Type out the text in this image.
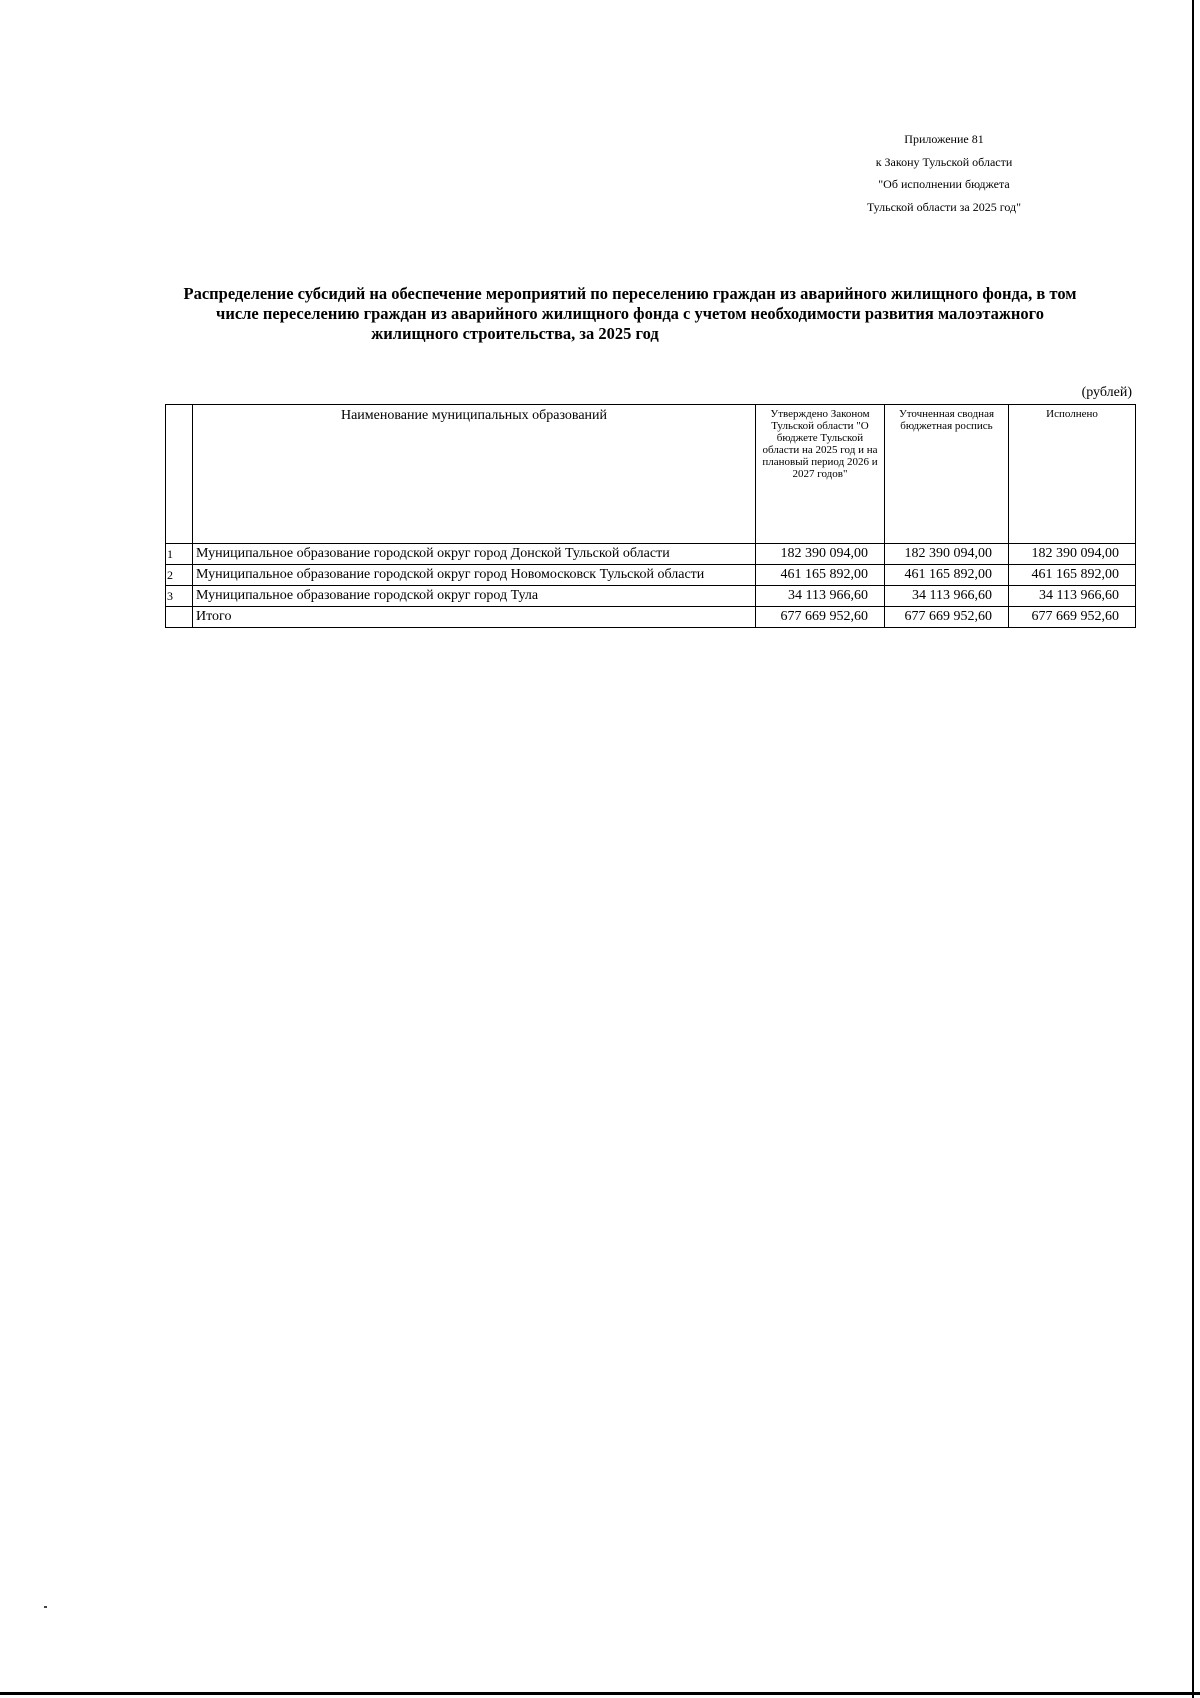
Приложение 81
к Закону Тульской области
"Об исполнении бюджета
Тульской области за 2025 год"
Распределение субсидий на обеспечение мероприятий по переселению граждан из аварийного жилищного фонда, в том
числе переселению граждан из аварийного жилищного фонда с учетом необходимости развития малоэтажного
жилищного строительства, за 2025 год
(рублей)
	Наименование муниципальных образований	Утверждено Законом Тульской области "О бюджете Тульской области на 2025 год и на плановый период 2026 и 2027 годов"	Уточненная сводная бюджетная роспись	Исполнено
1	Муниципальное образование городской округ город Донской Тульской области	182 390 094,00	182 390 094,00	182 390 094,00
2	Муниципальное образование городской округ город Новомосковск Тульской области	461 165 892,00	461 165 892,00	461 165 892,00
3	Муниципальное образование городской округ город Тула	34 113 966,60	34 113 966,60	34 113 966,60
	Итого	677 669 952,60	677 669 952,60	677 669 952,60
